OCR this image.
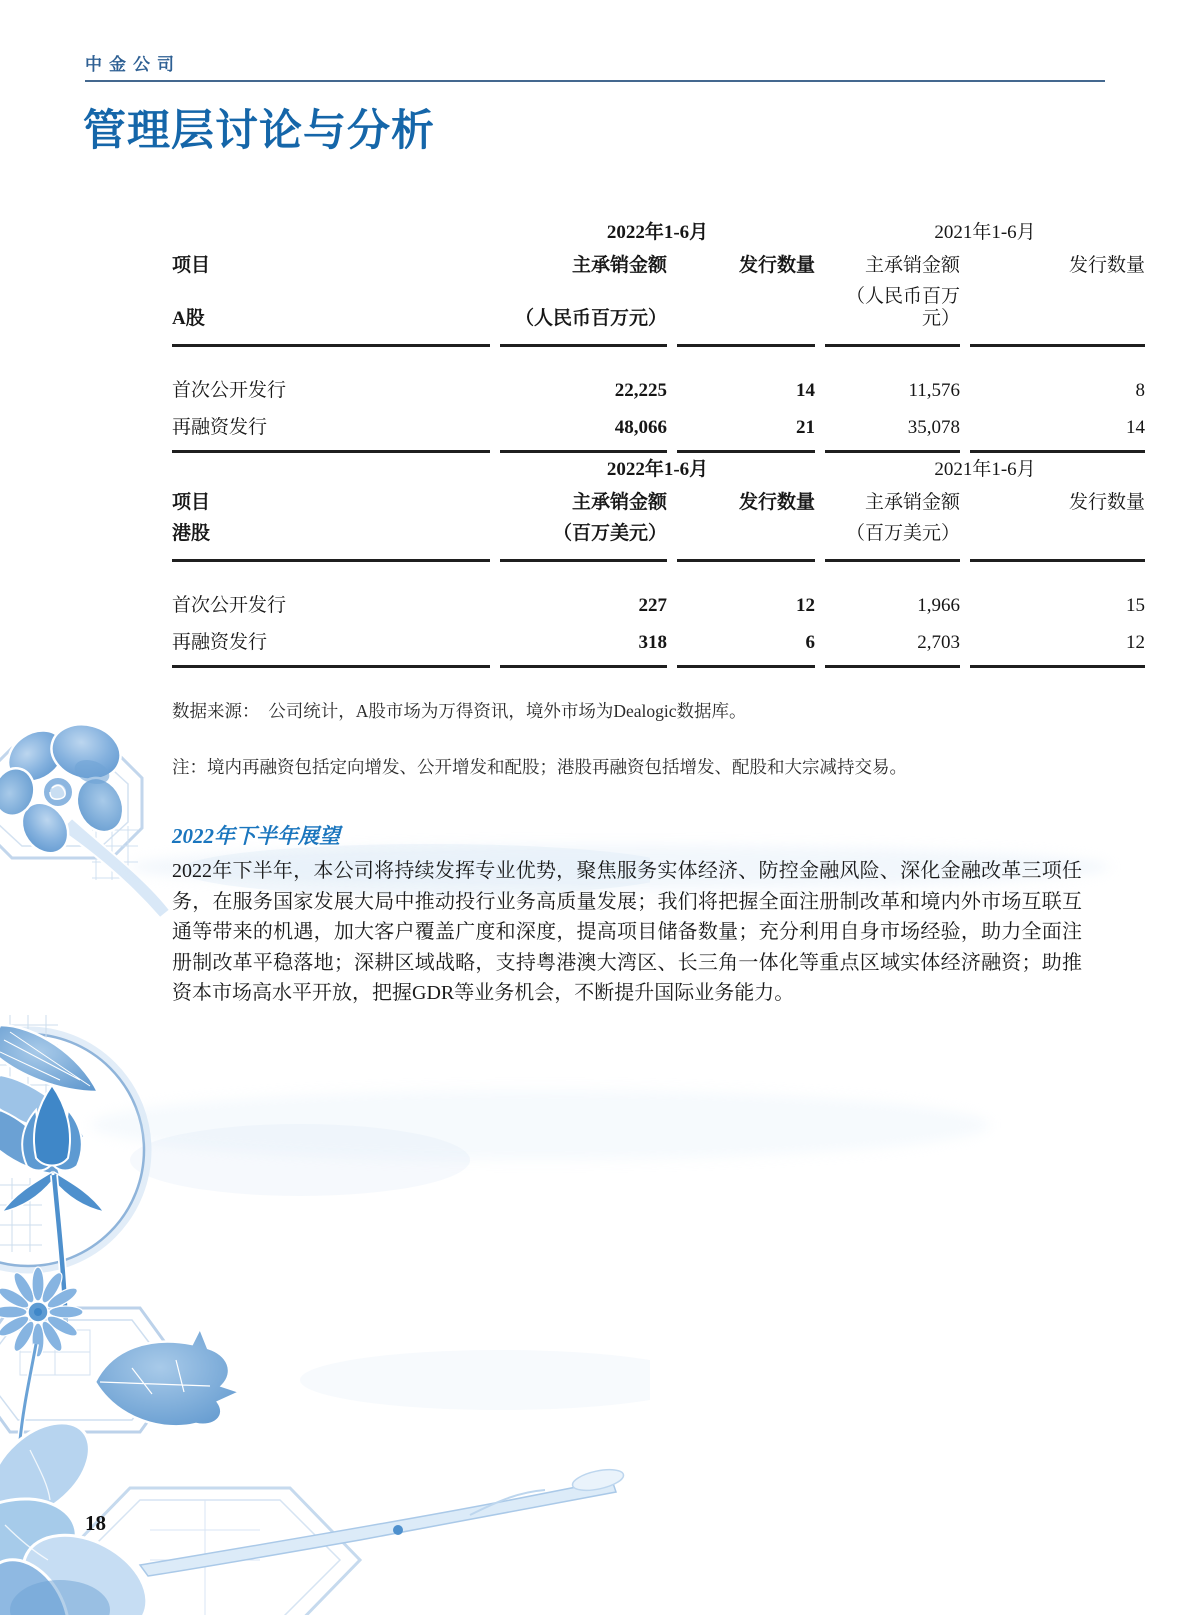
中金公司
管理层讨论与分析
	2022年1-6月		2021年1-6月	
项目	主承销金额	发行数量	主承销金额	发行数量
A股	（人民币百万元）		（人民币百万元）	

首次公开发行	22,225	14	11,576	8
再融资发行	48,066	21	35,078	14
	2022年1-6月		2021年1-6月	
项目	主承销金额	发行数量	主承销金额	发行数量
港股	（百万美元）		（百万美元）	

首次公开发行	227	12	1,966	15
再融资发行	318	6	2,703	12
数据来源：　公司统计，A股市场为万得资讯，境外市场为Dealogic数据库。
注：境内再融资包括定向增发、公开增发和配股；港股再融资包括增发、配股和大宗减持交易。
2022年下半年展望
2022年下半年，本公司将持续发挥专业优势，聚焦服务实体经济、防控金融风险、深化金融改革三项任务，在服务国家发展大局中推动投行业务高质量发展；我们将把握全面注册制改革和境内外市场互联互通等带来的机遇，加大客户覆盖广度和深度，提高项目储备数量；充分利用自身市场经验，助力全面注册制改革平稳落地；深耕区域战略，支持粤港澳大湾区、长三角一体化等重点区域实体经济融资；助推资本市场高水平开放，把握GDR等业务机会，不断提升国际业务能力。
18
